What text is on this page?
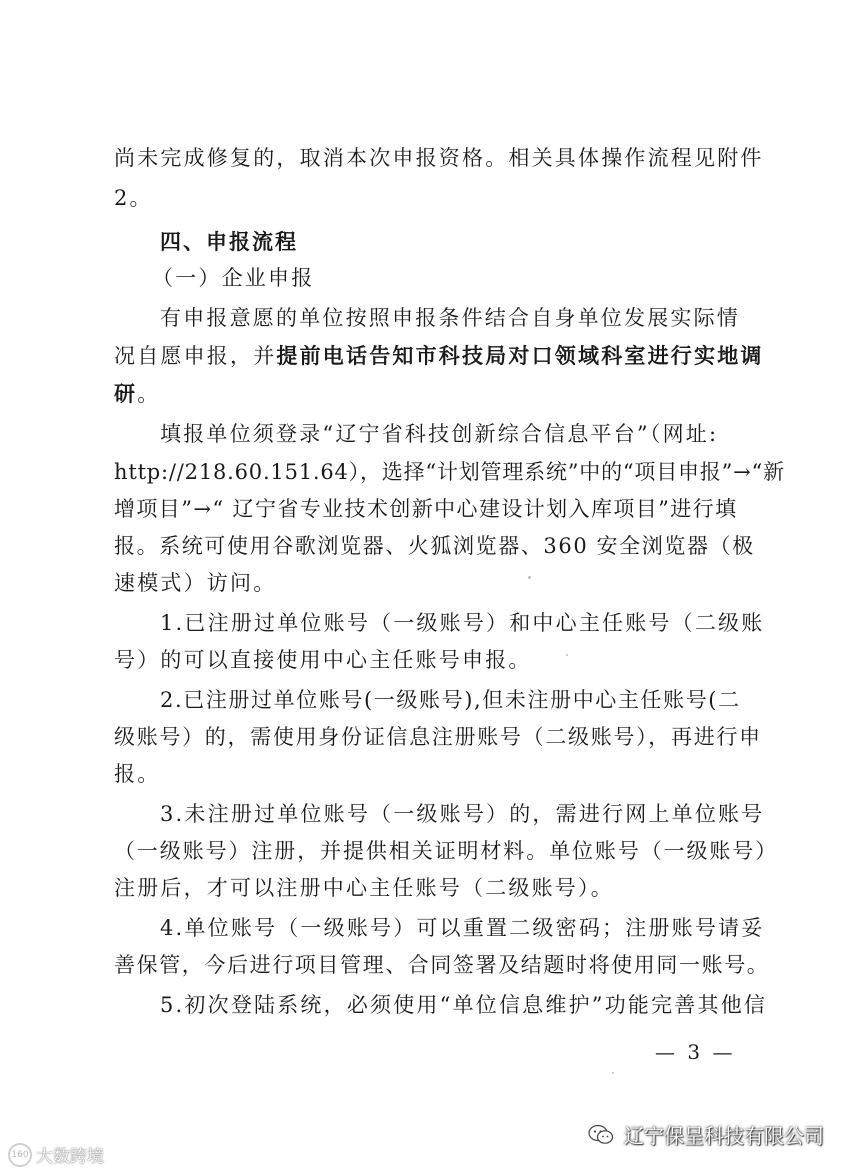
尚未完成修复的，取消本次申报资格。相关具体操作流程见附件
2。
四、申报流程
（一）企业申报
有申报意愿的单位按照申报条件结合自身单位发展实际情
况自愿申报，并提前电话告知市科技局对口领域科室进行实地调
研。
填报单位须登录“辽宁省科技创新综合信息平台”（网址:
http://218.60.151.64），选择“计划管理系统”中的“项目申报”→“新
增项目”→“ 辽宁省专业技术创新中心建设计划入库项目”进行填
报。系统可使用谷歌浏览器、火狐浏览器、360 安全浏览器（极
速模式）访问。
1.已注册过单位账号（一级账号）和中心主任账号（二级账
号）的可以直接使用中心主任账号申报。
2.已注册过单位账号(一级账号),但未注册中心主任账号(二
级账号）的，需使用身份证信息注册账号（二级账号），再进行申
报。
3.未注册过单位账号（一级账号）的，需进行网上单位账号
（一级账号）注册，并提供相关证明材料。单位账号（一级账号）
注册后，才可以注册中心主任账号（二级账号）。
4.单位账号（一级账号）可以重置二级密码；注册账号请妥
善保管，今后进行项目管理、合同签署及结题时将使用同一账号。
5.初次登陆系统，必须使用“单位信息维护”功能完善其他信
— 3 —
160 大数跨境
辽宁保呈科技有限公司
